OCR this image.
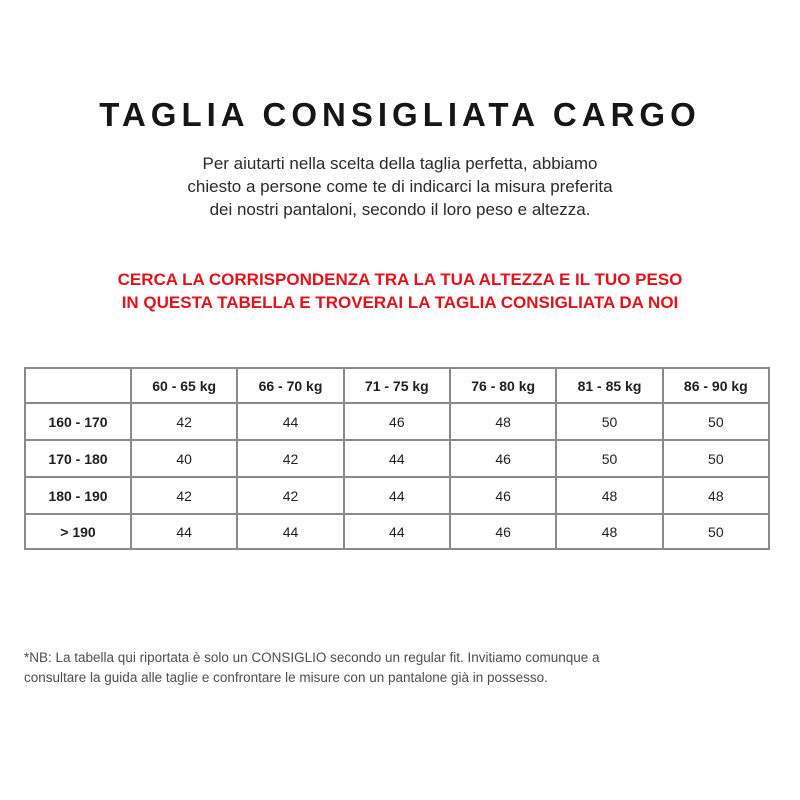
TAGLIA CONSIGLIATA CARGO
Per aiutarti nella scelta della taglia perfetta, abbiamo
chiesto a persone come te di indicarci la misura preferita
dei nostri pantaloni, secondo il loro peso e altezza.
CERCA LA CORRISPONDENZA TRA LA TUA ALTEZZA E IL TUO PESO
IN QUESTA TABELLA E TROVERAI LA TAGLIA CONSIGLIATA DA NOI
	60 - 65 kg	66 - 70 kg	71 - 75 kg	76 - 80 kg	81 - 85 kg	86 - 90 kg
160 - 170	42	44	46	48	50	50
170 - 180	40	42	44	46	50	50
180 - 190	42	42	44	46	48	48
> 190	44	44	44	46	48	50
*NB: La tabella qui riportata è solo un CONSIGLIO secondo un regular fit. Invitiamo comunque a
consultare la guida alle taglie e confrontare le misure con un pantalone già in possesso.
